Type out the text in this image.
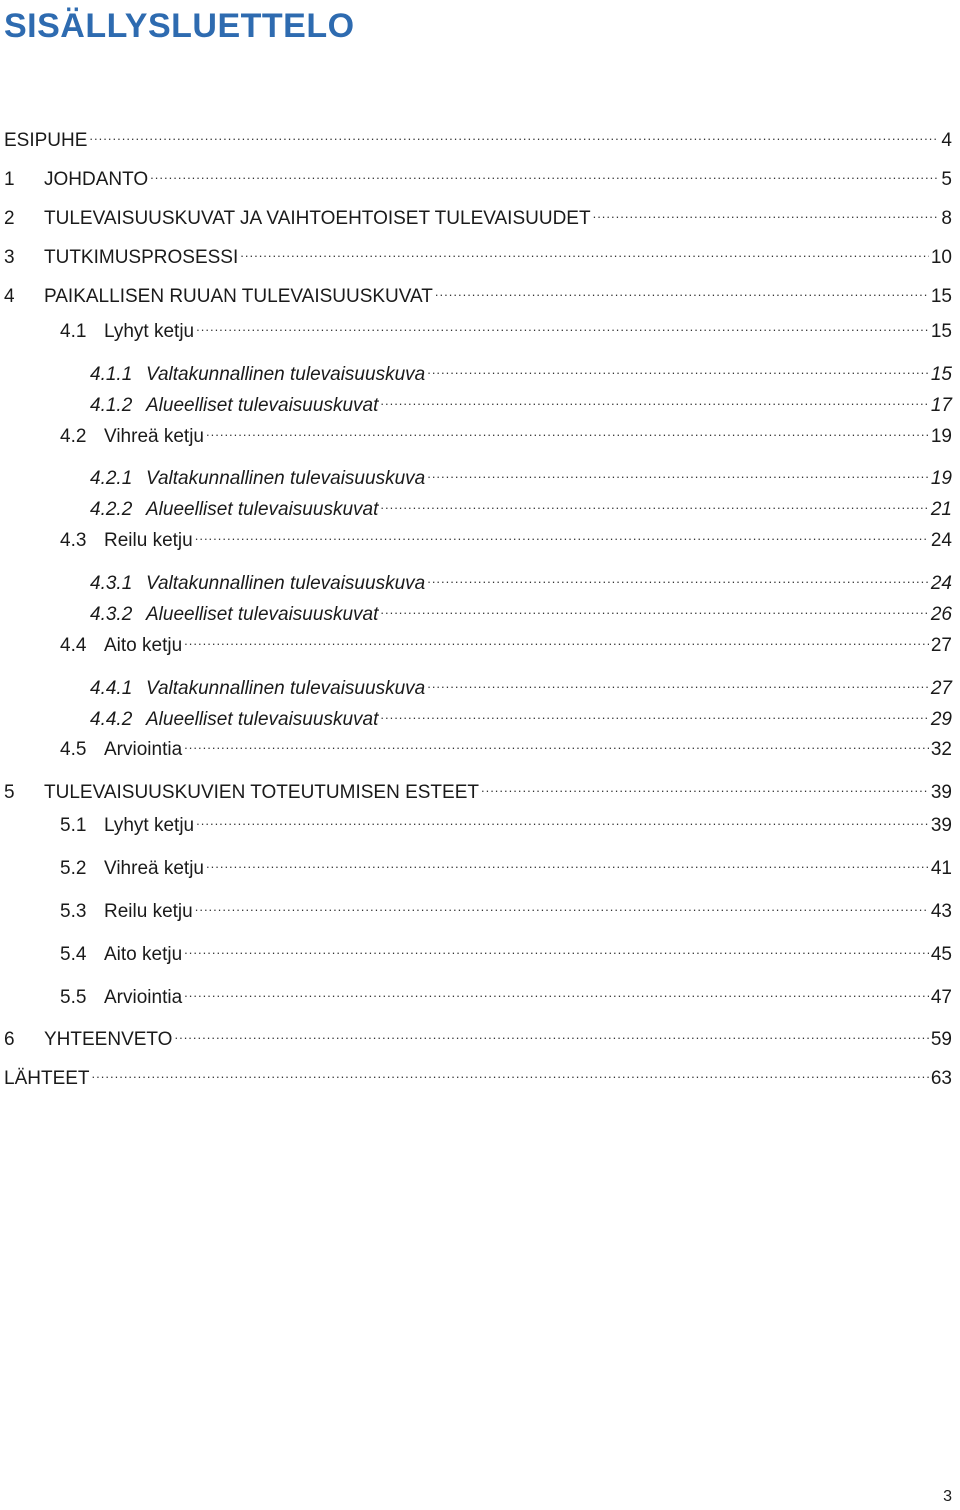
SISÄLLYSLUETTELO
ESIPUHE .....	4
1	JOHDANTO .....	5
2	TULEVAISUUSKUVAT JA VAIHTOEHTOISET TULEVAISUUDET .....	8
3	TUTKIMUSPROSESSI .....	10
4	PAIKALLISEN RUUAN TULEVAISUUSKUVAT .....	15
4.1 Lyhyt ketju .....	15
4.1.1 Valtakunnallinen tulevaisuuskuva .....	15
4.1.2 Alueelliset tulevaisuuskuvat .....	17
4.2 Vihreä ketju .....	19
4.2.1 Valtakunnallinen tulevaisuuskuva .....	19
4.2.2 Alueelliset tulevaisuuskuvat .....	21
4.3 Reilu ketju .....	24
4.3.1 Valtakunnallinen tulevaisuuskuva .....	24
4.3.2 Alueelliset tulevaisuuskuvat .....	26
4.4 Aito ketju .....	27
4.4.1 Valtakunnallinen tulevaisuuskuva .....	27
4.4.2 Alueelliset tulevaisuuskuvat .....	29
4.5 Arviointia .....	32
5	TULEVAISUUSKUVIEN TOTEUTUMISEN ESTEET .....	39
5.1 Lyhyt ketju .....	39
5.2 Vihreä ketju .....	41
5.3 Reilu ketju .....	43
5.4 Aito ketju .....	45
5.5 Arviointia .....	47
6	YHTEENVETO .....	59
LÄHTEET .....	63
3
